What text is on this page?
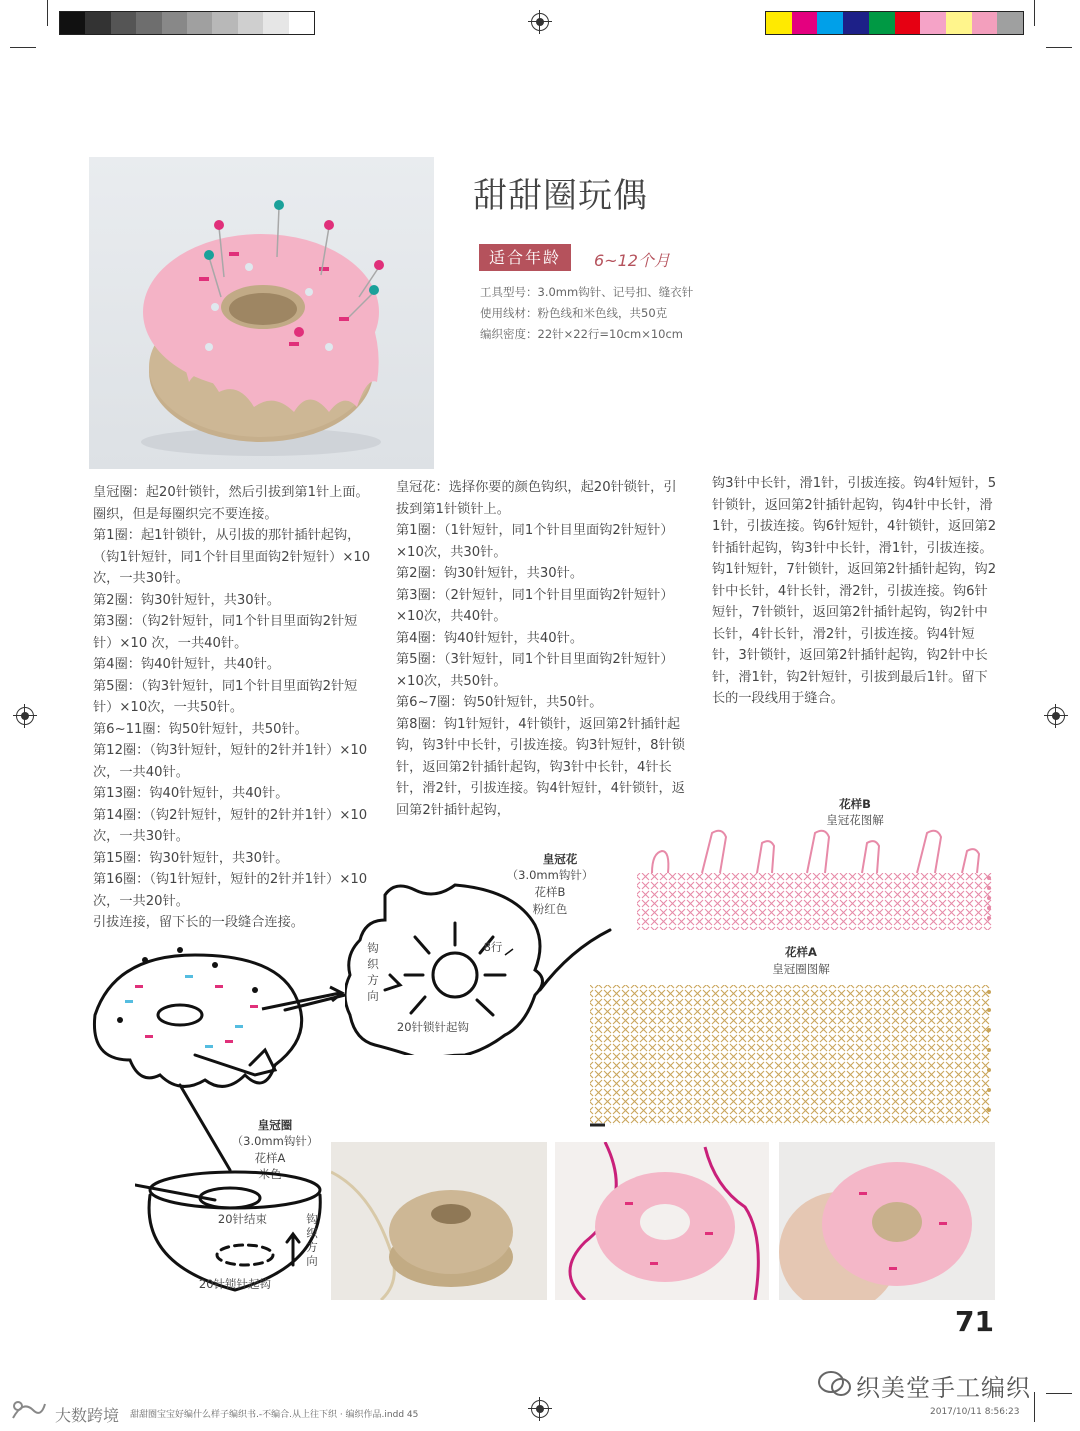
甜甜圈玩偶
适合年龄	6~12个月
工具型号：3.0mm钩针、记号扣、缝衣针
使用线材：粉色线和米色线，共50克
编织密度：22针×22行=10cm×10cm

皇冠圈：起20针锁针，然后引拔到第1针上面。圈织，但是每圈织完不要连接。

第1圈：起1针锁针，从引拔的那针插针起钩，（钩1针短针，同1个针目里面钩2针短针）×10次，一共30针。

第2圈：钩30针短针，共30针。

第3圈：（钩2针短针，同1个针目里面钩2针短针）×10 次，一共40针。

第4圈：钩40针短针，共40针。

第5圈：（钩3针短针，同1个针目里面钩2针短针）×10次，一共50针。

第6~11圈：钩50针短针，共50针。

第12圈：（钩3针短针，短针的2针并1针）×10次，一共40针。

第13圈：钩40针短针，共40针。

第14圈：（钩2针短针，短针的2针并1针）×10次，一共30针。

第15圈：钩30针短针，共30针。

第16圈：（钩1针短针，短针的2针并1针）×10次，一共20针。

引拔连接，留下长的一段缝合连接。

皇冠花：选择你要的颜色钩织，起20针锁针，引拔到第1针锁针上。

第1圈：（1针短针，同1个针目里面钩2针短针）×10次，共30针。

第2圈：钩30针短针，共30针。

第3圈：（2针短针，同1个针目里面钩2针短针）×10次，共40针。

第4圈：钩40针短针，共40针。

第5圈：（3针短针，同1个针目里面钩2针短针）×10次，共50针。

第6~7圈：钩50针短针，共50针。

第8圈：钩1针短针，4针锁针，返回第2针插针起钩，钩3针中长针，引拔连接。钩3针短针，8针锁针，返回第2针插针起钩，钩3针中长针，4针长针，滑2针，引拔连接。钩4针短针，4针锁针，返回第2针插针起钩，

钩3针中长针，滑1针，引拔连接。钩4针短针，5针锁针，返回第2针插针起钩，钩4针中长针，滑1针，引拔连接。钩6针短针，4针锁针，返回第2针插针起钩，钩3针中长针，滑1针，引拔连接。钩1针短针，7针锁针，返回第2针插针起钩，钩2针中长针，4针长针，滑2针，引拔连接。钩6针短针，7针锁针，返回第2针插针起钩，钩2针中长针，4针长针，滑2针，引拔连接。钩4针短针，3针锁针，返回第2针插针起钩，钩2针中长针，滑1针，钩2针短针，引拔到最后1针。留下长的一段线用于缝合。

花样B
皇冠花图解
花样A
皇冠圈图解
皇冠花
（3.0mm钩针）
花样B
粉红色
8行
钩织方向
20针锁针起钩
皇冠圈
（3.0mm钩针）
花样A
米色
20针结束	钩织方向
20针锁针起钩
71
织美堂手工编织
大数跨境 甜甜圈宝宝好编什么样子编织书.-不编合.从上往下织 · 编织作品.indd 45	2017/10/11 8:56:23
